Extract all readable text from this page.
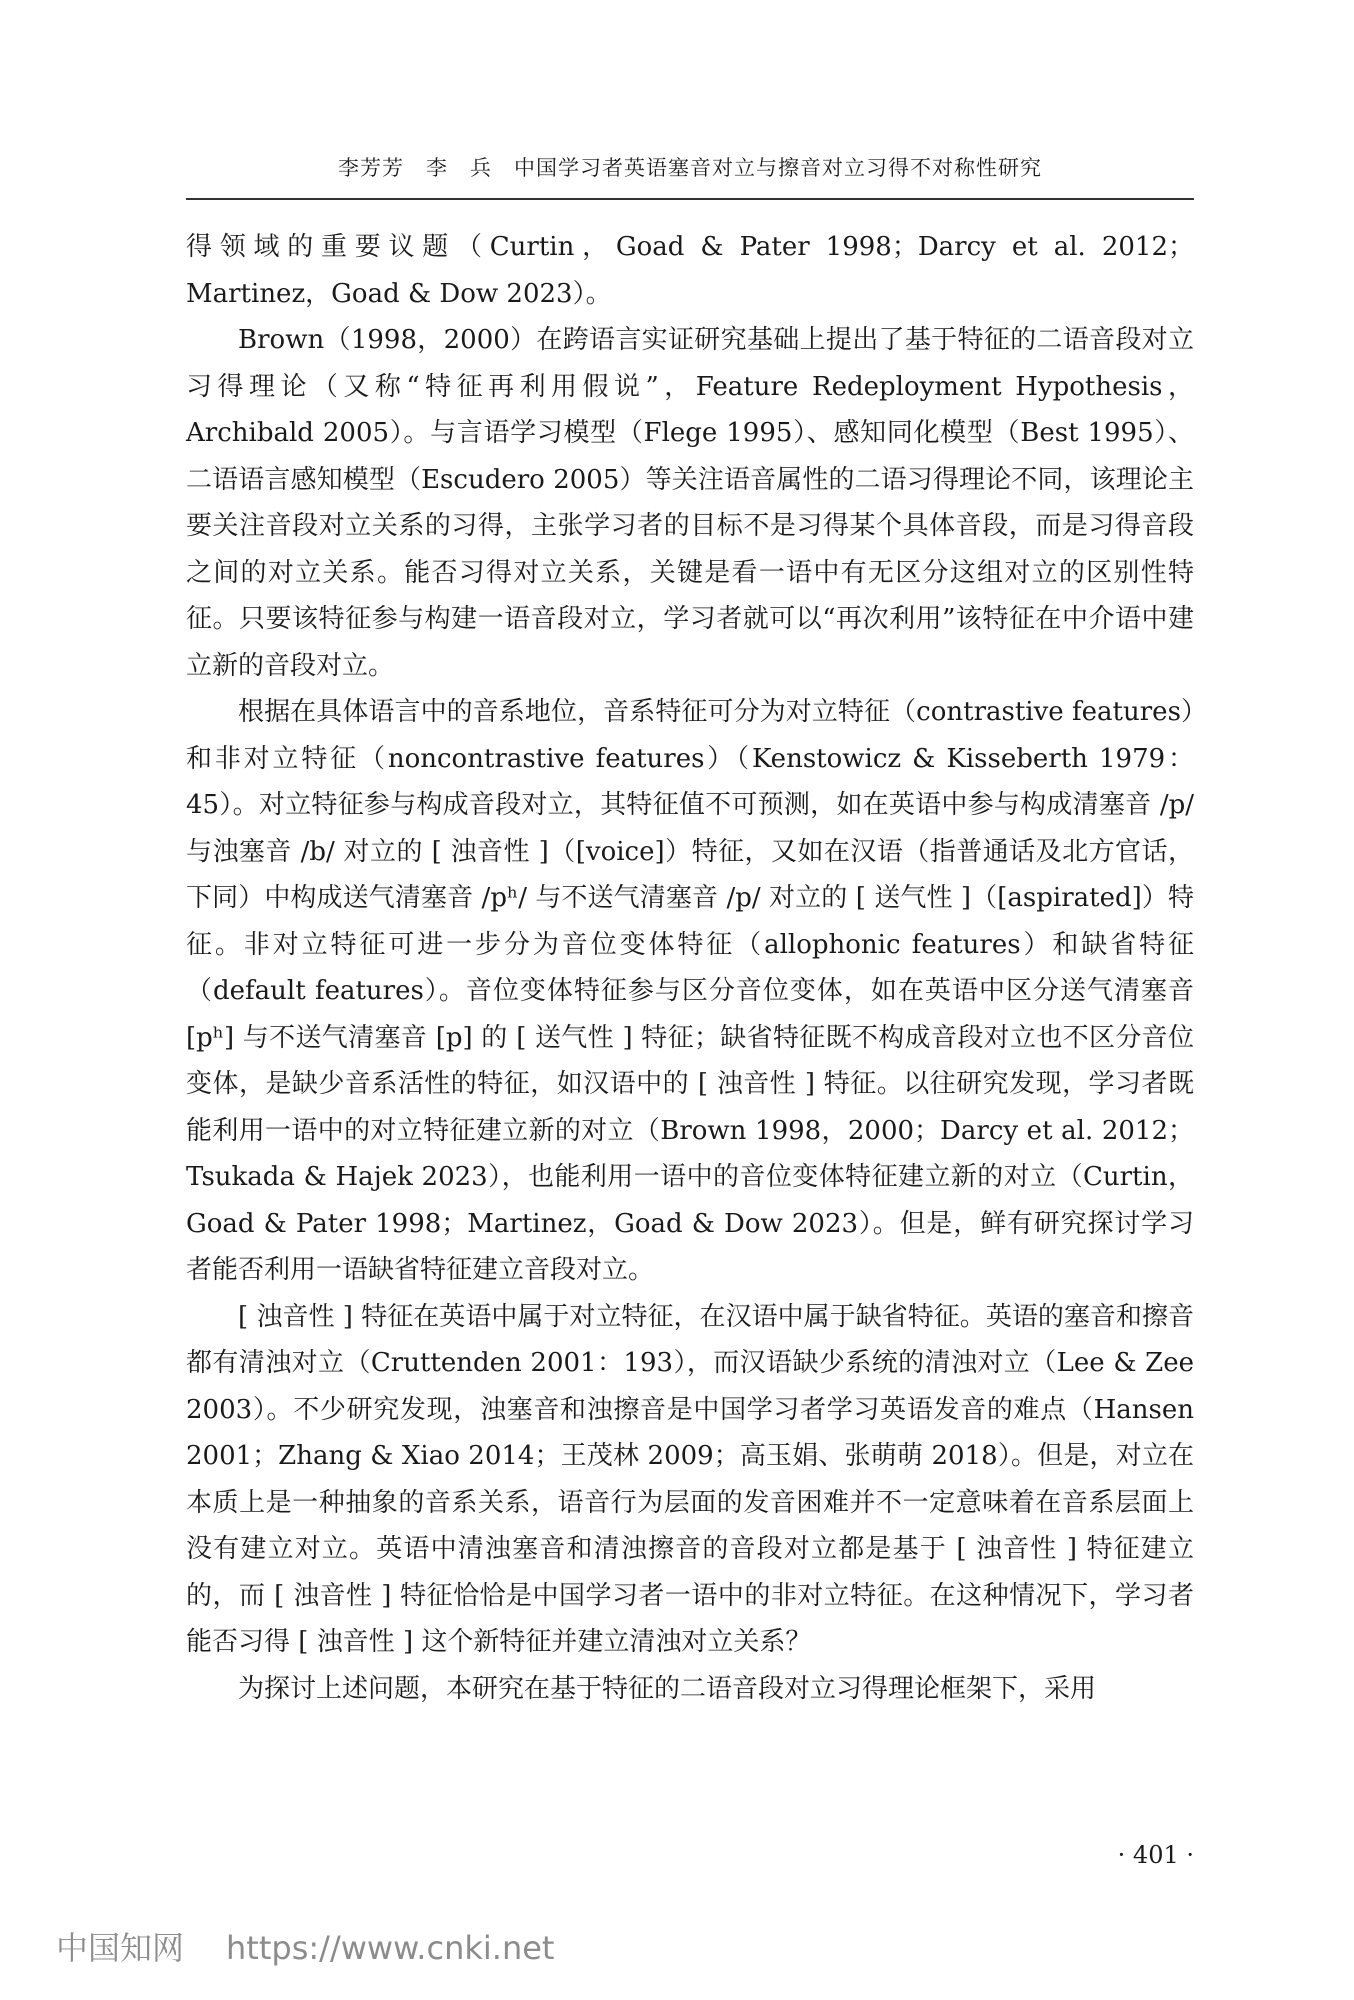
李芳芳 李　兵 中国学习者英语塞音对立与擦音对立习得不对称性研究

得领域的重要议题（Curtin，Goad & Pater 1998；Darcy et al. 2012；Martinez，Goad & Dow 2023）。

Brown（1998，2000）在跨语言实证研究基础上提出了基于特征的二语音段对立习得理论（又称“特征再利用假说”，Feature Redeployment Hypothesis，Archibald 2005）。与言语学习模型（Flege 1995）、感知同化模型（Best 1995）、二语语言感知模型（Escudero 2005）等关注语音属性的二语习得理论不同，该理论主要关注音段对立关系的习得，主张学习者的目标不是习得某个具体音段，而是习得音段之间的对立关系。能否习得对立关系，关键是看一语中有无区分这组对立的区别性特征。只要该特征参与构建一语音段对立，学习者就可以“再次利用”该特征在中介语中建立新的音段对立。

根据在具体语言中的音系地位，音系特征可分为对立特征（contrastive features）和非对立特征（noncontrastive features）（Kenstowicz & Kisseberth 1979：45）。对立特征参与构成音段对立，其特征值不可预测，如在英语中参与构成清塞音 /p/ 与浊塞音 /b/ 对立的 [ 浊音性 ]（[voice]）特征，又如在汉语（指普通话及北方官话，下同）中构成送气清塞音 /pʰ/ 与不送气清塞音 /p/ 对立的 [ 送气性 ]（[aspirated]）特征。非对立特征可进一步分为音位变体特征（allophonic features）和缺省特征（default features）。音位变体特征参与区分音位变体，如在英语中区分送气清塞音 [pʰ] 与不送气清塞音 [p] 的 [ 送气性 ] 特征；缺省特征既不构成音段对立也不区分音位变体，是缺少音系活性的特征，如汉语中的 [ 浊音性 ] 特征。以往研究发现，学习者既能利用一语中的对立特征建立新的对立（Brown 1998，2000；Darcy et al. 2012；Tsukada & Hajek 2023），也能利用一语中的音位变体特征建立新的对立（Curtin，Goad & Pater 1998；Martinez，Goad & Dow 2023）。但是，鲜有研究探讨学习者能否利用一语缺省特征建立音段对立。

[ 浊音性 ] 特征在英语中属于对立特征，在汉语中属于缺省特征。英语的塞音和擦音都有清浊对立（Cruttenden 2001：193），而汉语缺少系统的清浊对立（Lee & Zee 2003）。不少研究发现，浊塞音和浊擦音是中国学习者学习英语发音的难点（Hansen 2001；Zhang & Xiao 2014；王茂林 2009；高玉娟、张萌萌 2018）。但是，对立在本质上是一种抽象的音系关系，语音行为层面的发音困难并不一定意味着在音系层面上没有建立对立。英语中清浊塞音和清浊擦音的音段对立都是基于 [ 浊音性 ] 特征建立的，而 [ 浊音性 ] 特征恰恰是中国学习者一语中的非对立特征。在这种情况下，学习者能否习得 [ 浊音性 ] 这个新特征并建立清浊对立关系？

为探讨上述问题，本研究在基于特征的二语音段对立习得理论框架下，采用

· 401 ·
中国知网 https://www.cnki.net
